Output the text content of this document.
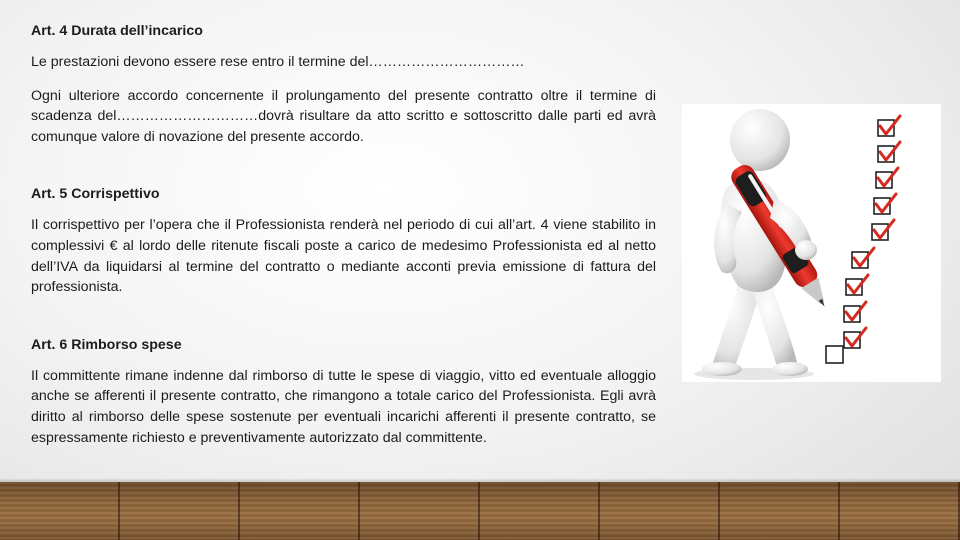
Art. 4 Durata dell’incarico

Le prestazioni devono essere rese entro il termine del……………………………

Ogni ulteriore accordo concernente il prolungamento del presente contratto oltre il termine di scadenza del…………………………dovrà risultare da atto scritto e sottoscritto dalle parti ed avrà comunque valore di novazione del presente accordo.

Art. 5 Corrispettivo

Il corrispettivo per l’opera che il Professionista renderà nel periodo di cui all’art. 4 viene stabilito in complessivi € al lordo delle ritenute fiscali poste a carico de medesimo Professionista ed al netto dell’IVA da liquidarsi al termine del contratto o mediante acconti previa emissione di fattura del professionista.

Art. 6 Rimborso spese

Il committente rimane indenne dal rimborso di tutte le spese di viaggio, vitto ed eventuale alloggio anche se afferenti il presente contratto, che rimangono a totale carico del Professionista. Egli avrà diritto al rimborso delle spese sostenute per eventuali incarichi afferenti il presente contratto, se espressamente richiesto e preventivamente autorizzato dal committente.
